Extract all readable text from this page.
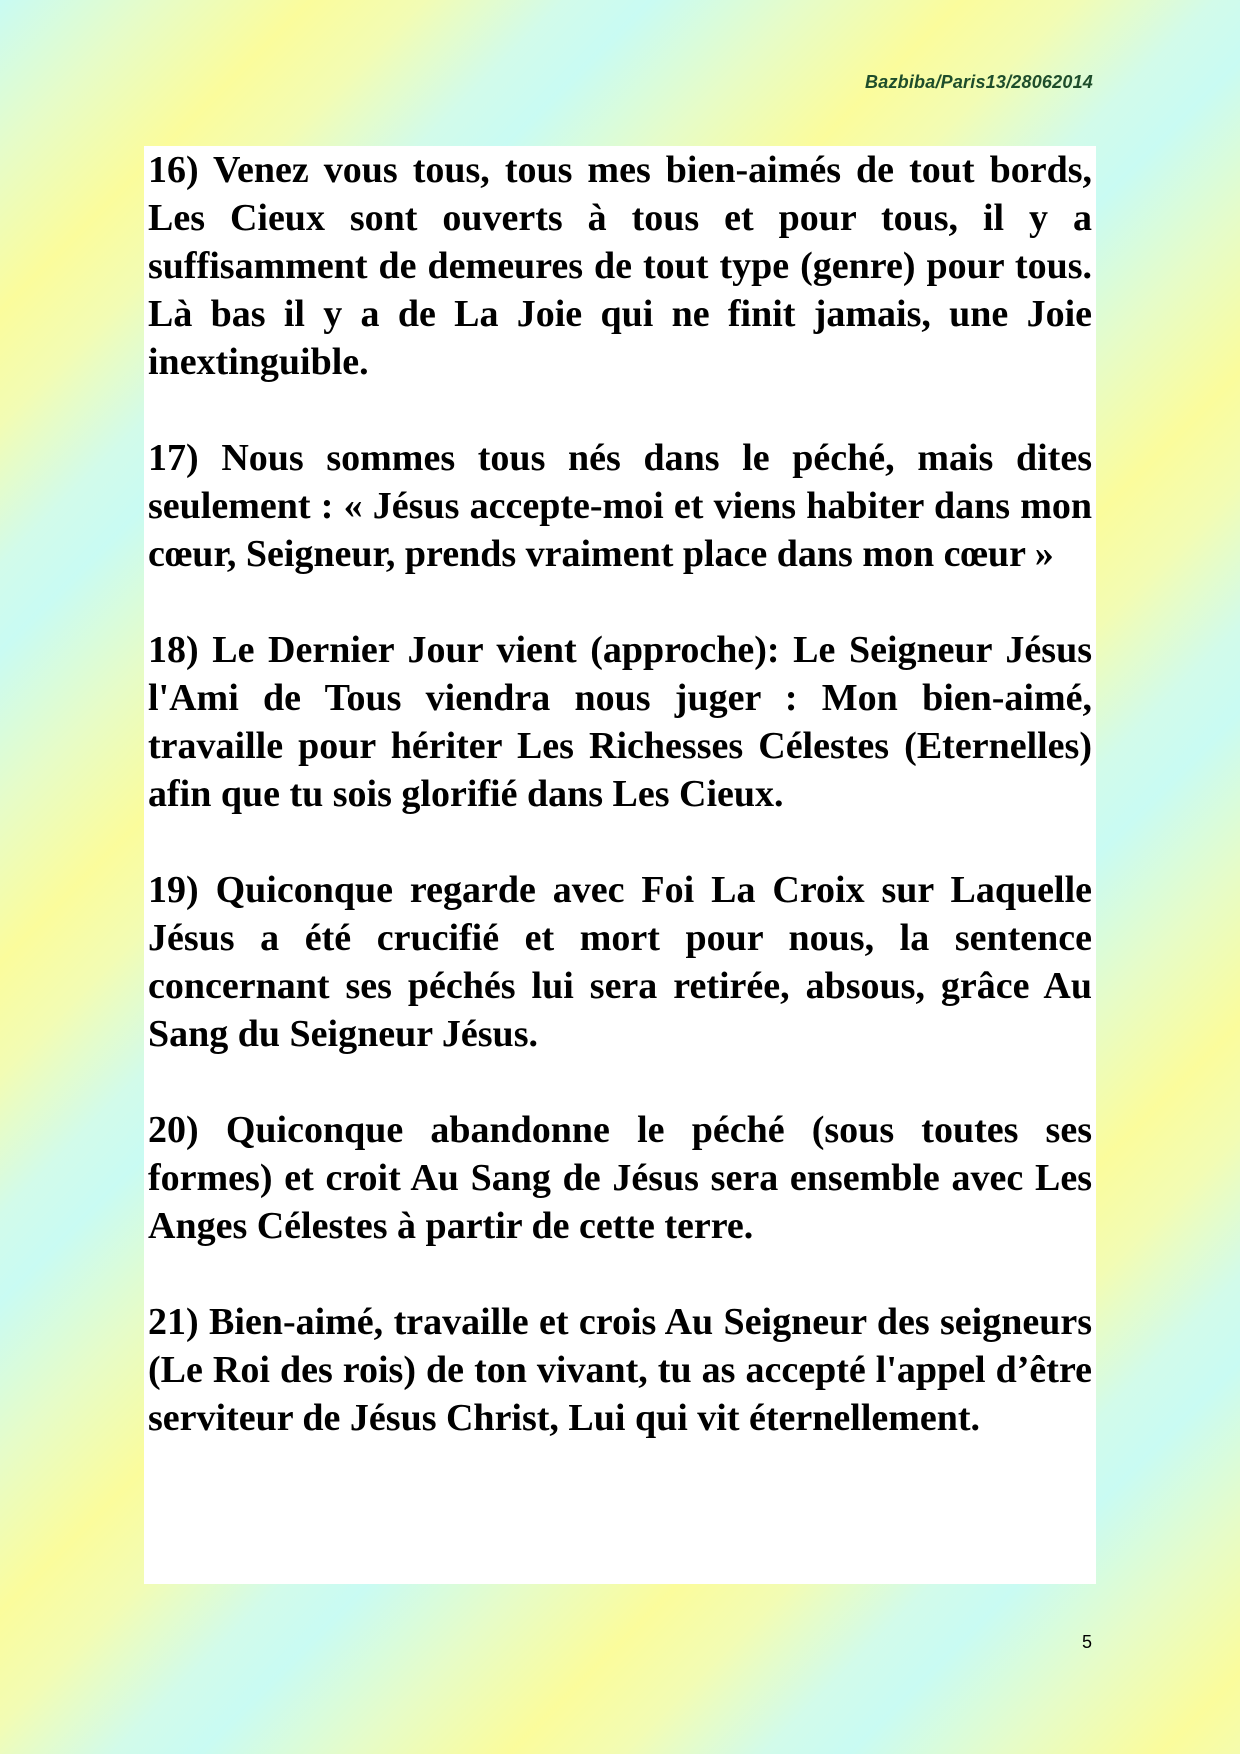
Bazbiba/Paris13/28062014

16) Venez vous tous, tous mes bien-aimés de tout bords, Les Cieux sont ouverts à tous et pour tous, il y a suffisamment de demeures de tout type (genre) pour tous. Là bas il y a de La Joie qui ne finit jamais, une Joie inextinguible.

17) Nous sommes tous nés dans le péché, mais dites seulement : « Jésus accepte-moi et viens habiter dans mon cœur, Seigneur, prends vraiment place dans mon cœur »

18) Le Dernier Jour vient (approche): Le Seigneur Jésus l'Ami de Tous viendra nous juger : Mon bien-aimé, travaille pour hériter Les Richesses Célestes (Eternelles) afin que tu sois glorifié dans Les Cieux.

19) Quiconque regarde avec Foi La Croix sur Laquelle Jésus a été crucifié et mort pour nous, la sentence concernant ses péchés lui sera retirée, absous, grâce Au Sang du Seigneur Jésus.

20) Quiconque abandonne le péché (sous toutes ses formes) et croit Au Sang de Jésus sera ensemble avec Les Anges Célestes à partir de cette terre.

21) Bien-aimé, travaille et crois Au Seigneur des seigneurs (Le Roi des rois) de ton vivant, tu as accepté l'appel d’être serviteur de Jésus Christ, Lui qui vit éternellement.

5
